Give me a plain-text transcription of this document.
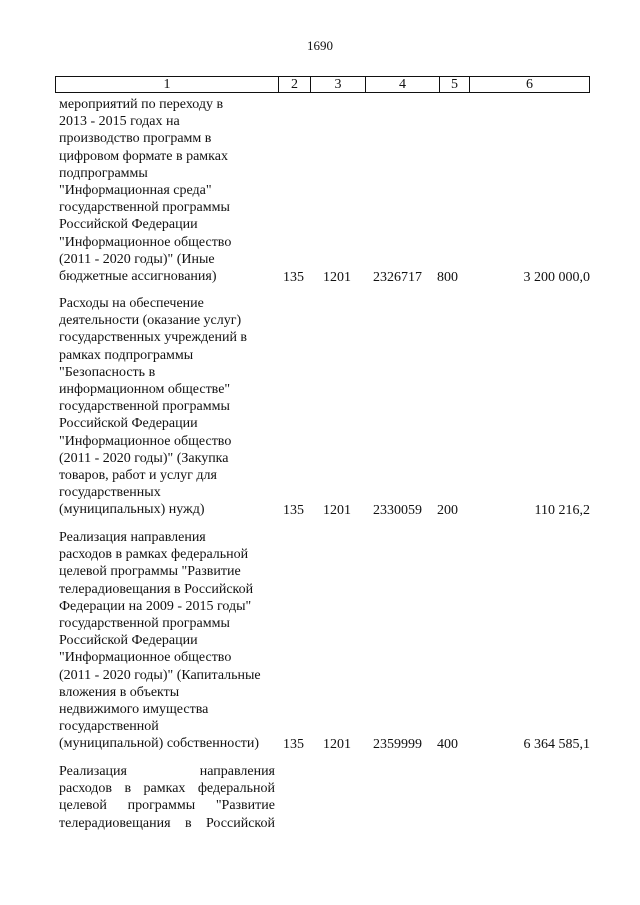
1690
1	2	3	4	5	6
мероприятий по переходу в
2013 - 2015 годах на
производство программ в
цифровом формате в рамках
подпрограммы
"Информационная среда"
государственной программы
Российской Федерации
"Информационное общество
(2011 - 2020 годы)" (Иные
бюджетные ассигнования)	135 1201 2326717 800	3 200 000,0
Расходы на обеспечение
деятельности (оказание услуг)
государственных учреждений в
рамках подпрограммы
"Безопасность в
информационном обществе"
государственной программы
Российской Федерации
"Информационное общество
(2011 - 2020 годы)" (Закупка
товаров, работ и услуг для
государственных
(муниципальных) нужд)	135 1201 2330059 200	110 216,2
Реализация направления
расходов в рамках федеральной
целевой программы "Развитие
телерадиовещания в Российской
Федерации на 2009 - 2015 годы"
государственной программы
Российской Федерации
"Информационное общество
(2011 - 2020 годы)" (Капитальные
вложения в объекты
недвижимого имущества
государственной
(муниципальной) собственности)	135 1201 2359999 400	6 364 585,1
Реализация направления
расходов в рамках федеральной
целевой программы "Развитие
телерадиовещания в Российской
